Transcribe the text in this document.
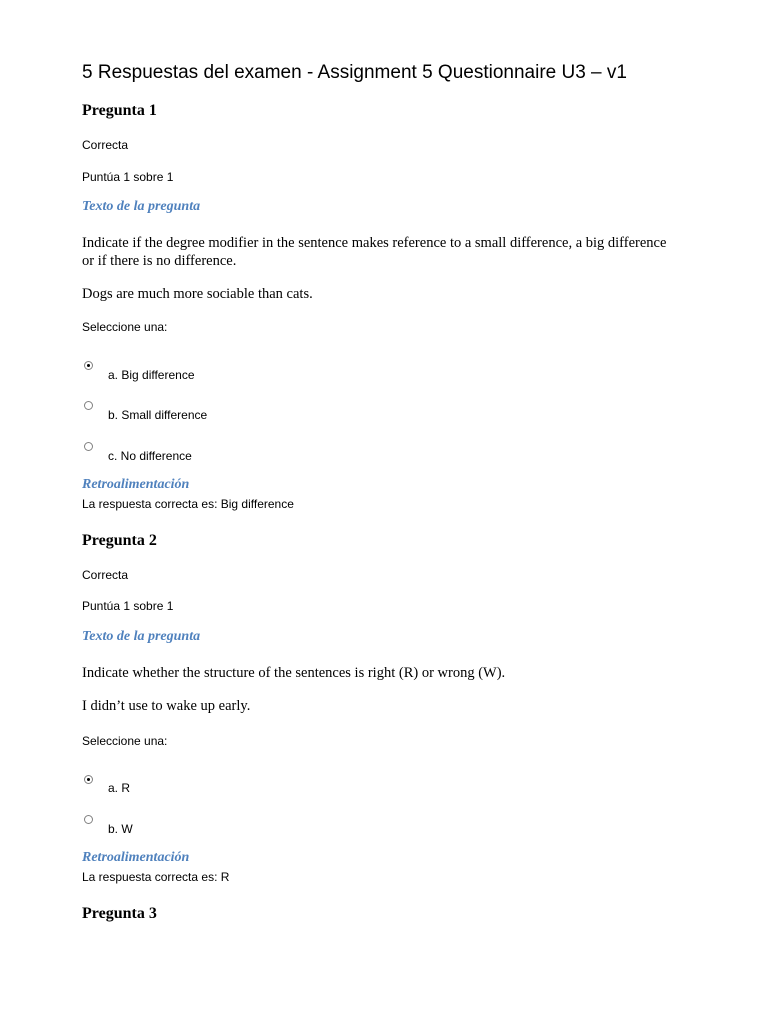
5 Respuestas del examen - Assignment 5 Questionnaire U3 – v1
Pregunta 1
Correcta
Puntúa 1 sobre 1
Texto de la pregunta
Indicate if the degree modifier in the sentence makes reference to a small difference, a big difference or if there is no difference.
Dogs are much more sociable than cats.
Seleccione una:
a. Big difference
b. Small difference
c. No difference
Retroalimentación
La respuesta correcta es: Big difference
Pregunta 2
Correcta
Puntúa 1 sobre 1
Texto de la pregunta
Indicate whether the structure of the sentences is right (R) or wrong (W).
I didn’t use to wake up early.
Seleccione una:
a. R
b. W
Retroalimentación
La respuesta correcta es: R
Pregunta 3
